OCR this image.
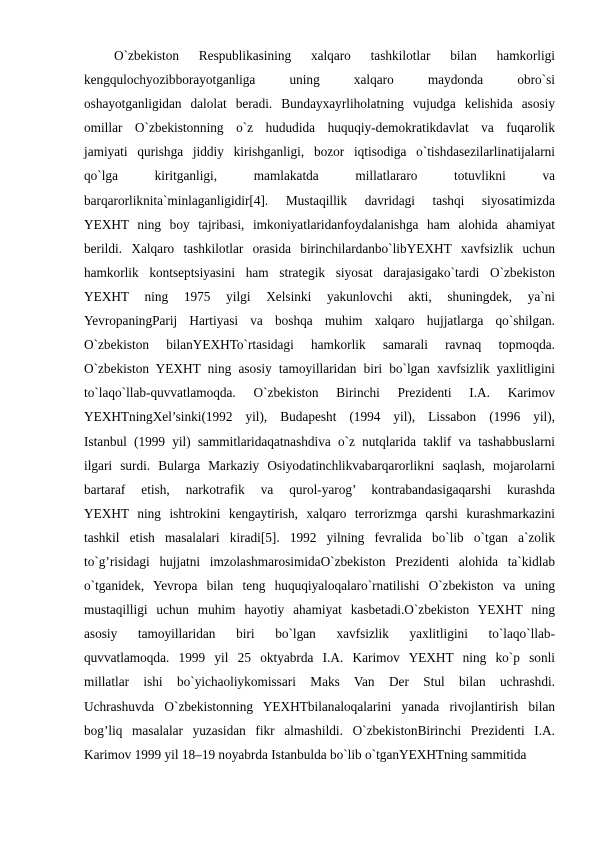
O`zbekiston Respublikasining xalqaro tashkilotlar bilan hamkorligi
kengqulochyozibborayotganliga uning xalqaro maydonda obro`si
oshayotganligidan dalolat beradi. Bundayxayrliholatning vujudga kelishida asosiy
omillar O`zbekistonning o`z hududida huquqiy-demokratikdavlat va fuqarolik
jamiyati qurishga jiddiy kirishganligi, bozor iqtisodiga o`tishdasezilarlinatijalarni
qo`lga kiritganligi, mamlakatda millatlararo totuvlikni va
barqarorliknita`minlaganligidir[4]. Mustaqillik davridagi tashqi siyosatimizda
YEXHT ning boy tajribasi, imkoniyatlaridanfoydalanishga ham alohida ahamiyat
berildi. Xalqaro tashkilotlar orasida birinchilardanbo`libYEXHT xavfsizlik uchun
hamkorlik kontseptsiyasini ham strategik siyosat darajasigako`tardi O`zbekiston
YEXHT ning 1975 yilgi Xelsinki yakunlovchi akti, shuningdek, ya`ni
YevropaningParij Hartiyasi va boshqa muhim xalqaro hujjatlarga qo`shilgan.
O`zbekiston bilanYEXHTo`rtasidagi hamkorlik samarali ravnaq topmoqda.
O`zbekiston YEXHT ning asosiy tamoyillaridan biri bo`lgan xavfsizlik yaxlitligini
to`laqo`llab-quvvatlamoqda. O`zbekiston Birinchi Prezidenti I.A. Karimov
YEXHTningXel’sinki(1992 yil), Budapesht (1994 yil), Lissabon (1996 yil),
Istanbul (1999 yil) sammitlaridaqatnashdiva o`z nutqlarida taklif va tashabbuslarni
ilgari surdi. Bularga Markaziy Osiyodatinchlikvabarqarorlikni saqlash, mojarolarni
bartaraf etish, narkotrafik va qurol-yarog’ kontrabandasigaqarshi kurashda
YEXHT ning ishtrokini kengaytirish, xalqaro terrorizmga qarshi kurashmarkazini
tashkil etish masalalari kiradi[5]. 1992 yilning fevralida bo`lib o`tgan a`zolik
to`g’risidagi hujjatni imzolashmarosimidaO`zbekiston Prezidenti alohida ta`kidlab
o`tganidek, Yevropa bilan teng huquqiyaloqalaro`rnatilishi O`zbekiston va uning
mustaqilligi uchun muhim hayotiy ahamiyat kasbetadi.O`zbekiston YEXHT ning
asosiy tamoyillaridan biri bo`lgan xavfsizlik yaxlitligini to`laqo`llab-
quvvatlamoqda. 1999 yil 25 oktyabrda I.A. Karimov YEXHT ning ko`p sonli
millatlar ishi bo`yichaoliykomissari Maks Van Der Stul bilan uchrashdi.
Uchrashuvda O`zbekistonning YEXHTbilanaloqalarini yanada rivojlantirish bilan
bog’liq masalalar yuzasidan fikr almashildi. O`zbekistonBirinchi Prezidenti I.A.
Karimov 1999 yil 18–19 noyabrda Istanbulda bo`lib o`tganYEXHTning sammitida
